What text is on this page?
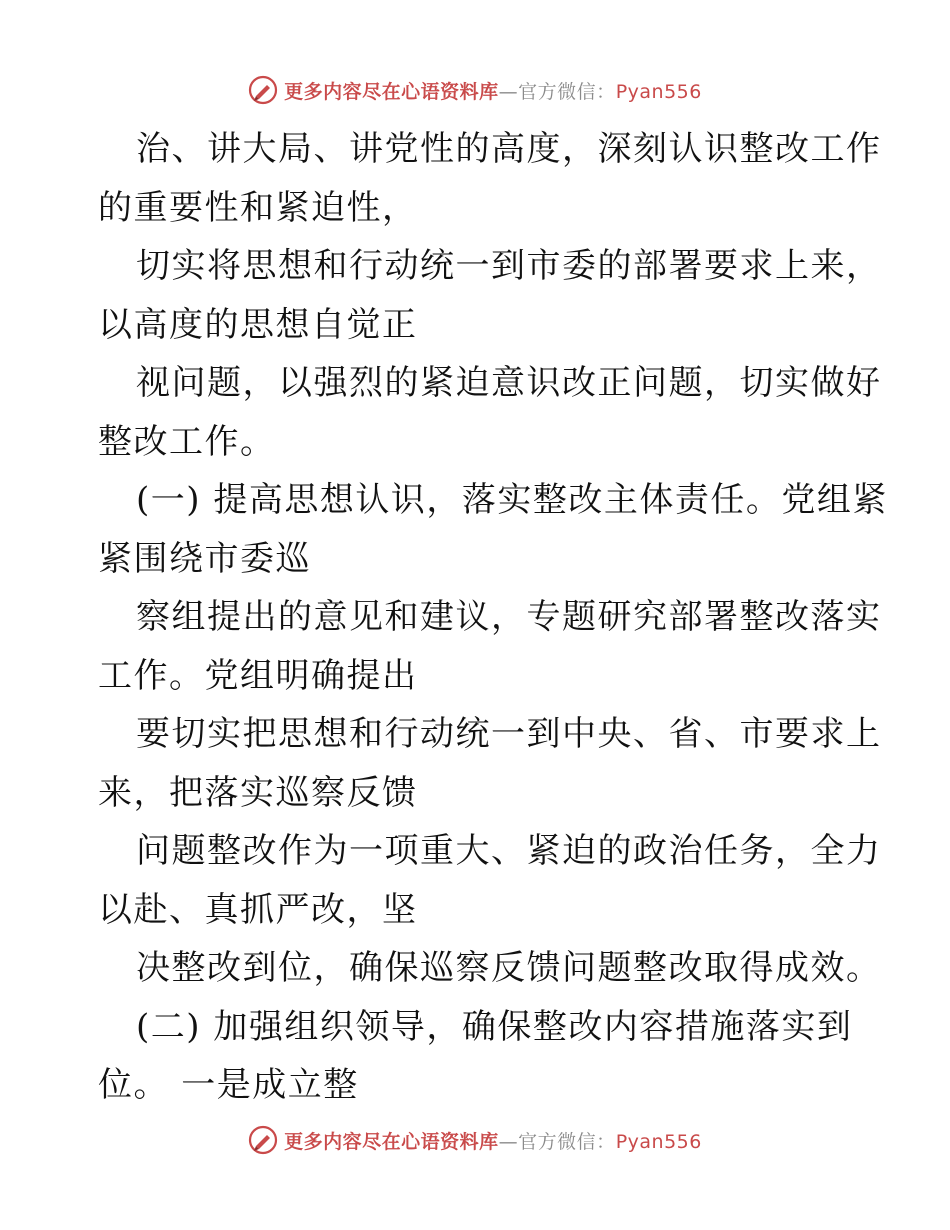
更多内容尽在心语资料库—官方微信：Pyan556
治、讲大局、讲党性的高度，深刻认识整改工作
的重要性和紧迫性，
切实将思想和行动统一到市委的部署要求上来，
以高度的思想自觉正
视问题，以强烈的紧迫意识改正问题，切实做好
整改工作。
(一) 提高思想认识，落实整改主体责任。党组紧
紧围绕市委巡
察组提出的意见和建议，专题研究部署整改落实
工作。党组明确提出
要切实把思想和行动统一到中央、省、市要求上
来，把落实巡察反馈
问题整改作为一项重大、紧迫的政治任务，全力
以赴、真抓严改，坚
决整改到位，确保巡察反馈问题整改取得成效。
(二) 加强组织领导，确保整改内容措施落实到
位。 一是成立整
更多内容尽在心语资料库—官方微信：Pyan556
